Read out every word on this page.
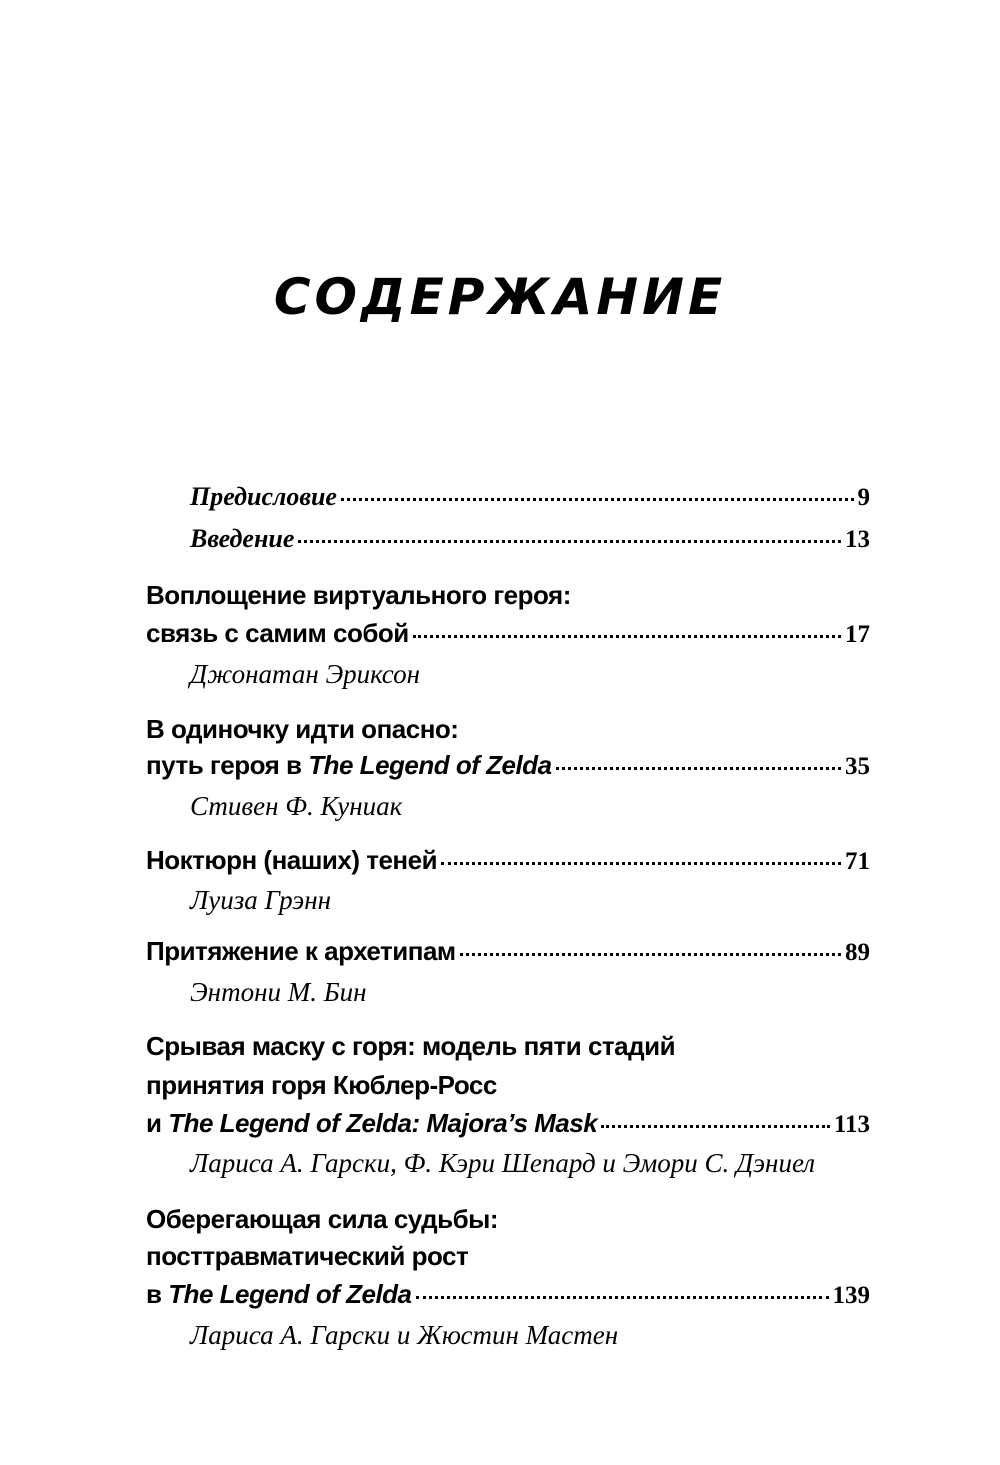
СОДЕРЖАНИЕ
Предисловие	9
Введение	13
Воплощение виртуального героя:
связь с самим собой	17
Джонатан Эриксон
В одиночку идти опасно:
путь героя в The Legend of Zelda	35
Стивен Ф. Куниак
Ноктюрн (наших) теней	71
Луиза Грэнн
Притяжение к архетипам	89
Энтони М. Бин
Срывая маску с горя: модель пяти стадий
принятия горя Кюблер-Росс
и The Legend of Zelda: Majora’s Mask	113
Лариса А. Гарски, Ф. Кэри Шепард и Эмори С. Дэниел
Оберегающая сила судьбы:
посттравматический рост
в The Legend of Zelda	139
Лариса А. Гарски и Жюстин Мастен
